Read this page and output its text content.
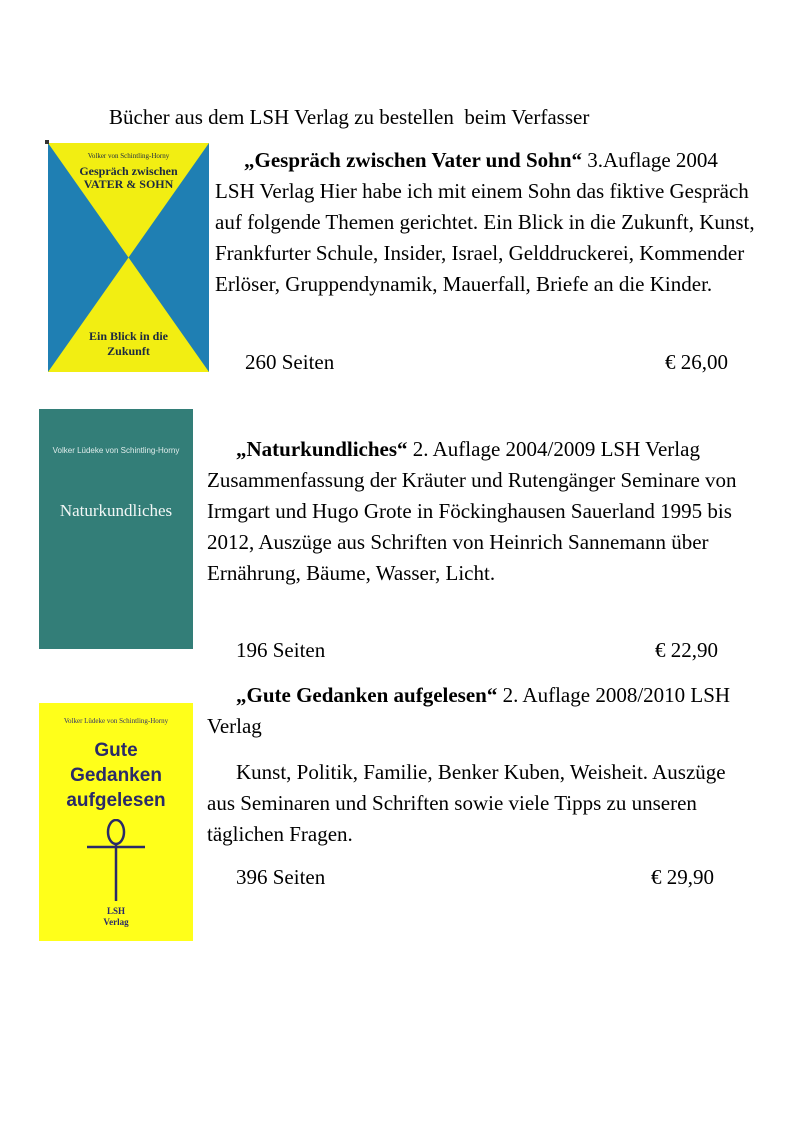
Bücher aus dem LSH Verlag zu bestellen  beim Verfasser
Volker von Schintling-Horny
Gespräch zwischen
VATER & SOHN
Ein Blick in die
Zukunft

„Gespräch zwischen Vater und Sohn“ 3.Auflage 2004 LSH Verlag Hier habe ich mit einem Sohn das fiktive Gespräch auf folgende Themen gerichtet. Ein Blick in die Zukunft, Kunst, Frankfurter Schule, Insider, Israel, Gelddruckerei, Kommender Erlöser, Gruppendynamik, Mauerfall, Briefe an die Kinder.

260 Seiten	€ 26,00
Volker Lüdeke von Schintling-Horny
Naturkundliches

„Naturkundliches“ 2. Auflage 2004/2009 LSH Verlag Zusammenfassung der Kräuter und Rutengänger Seminare von Irmgart und Hugo Grote in Föckinghausen Sauerland 1995 bis 2012, Auszüge aus Schriften von Heinrich Sannemann über Ernährung, Bäume, Wasser, Licht.

196 Seiten	€ 22,90
Volker Lüdeke von Schintling-Horny
Gute
Gedanken
aufgelesen
LSH
Verlag

„Gute Gedanken aufgelesen“ 2. Auflage 2008/2010 LSH Verlag

Kunst, Politik, Familie, Benker Kuben, Weisheit. Auszüge aus Seminaren und Schriften sowie viele Tipps zu unseren täglichen Fragen.

396 Seiten	€ 29,90
